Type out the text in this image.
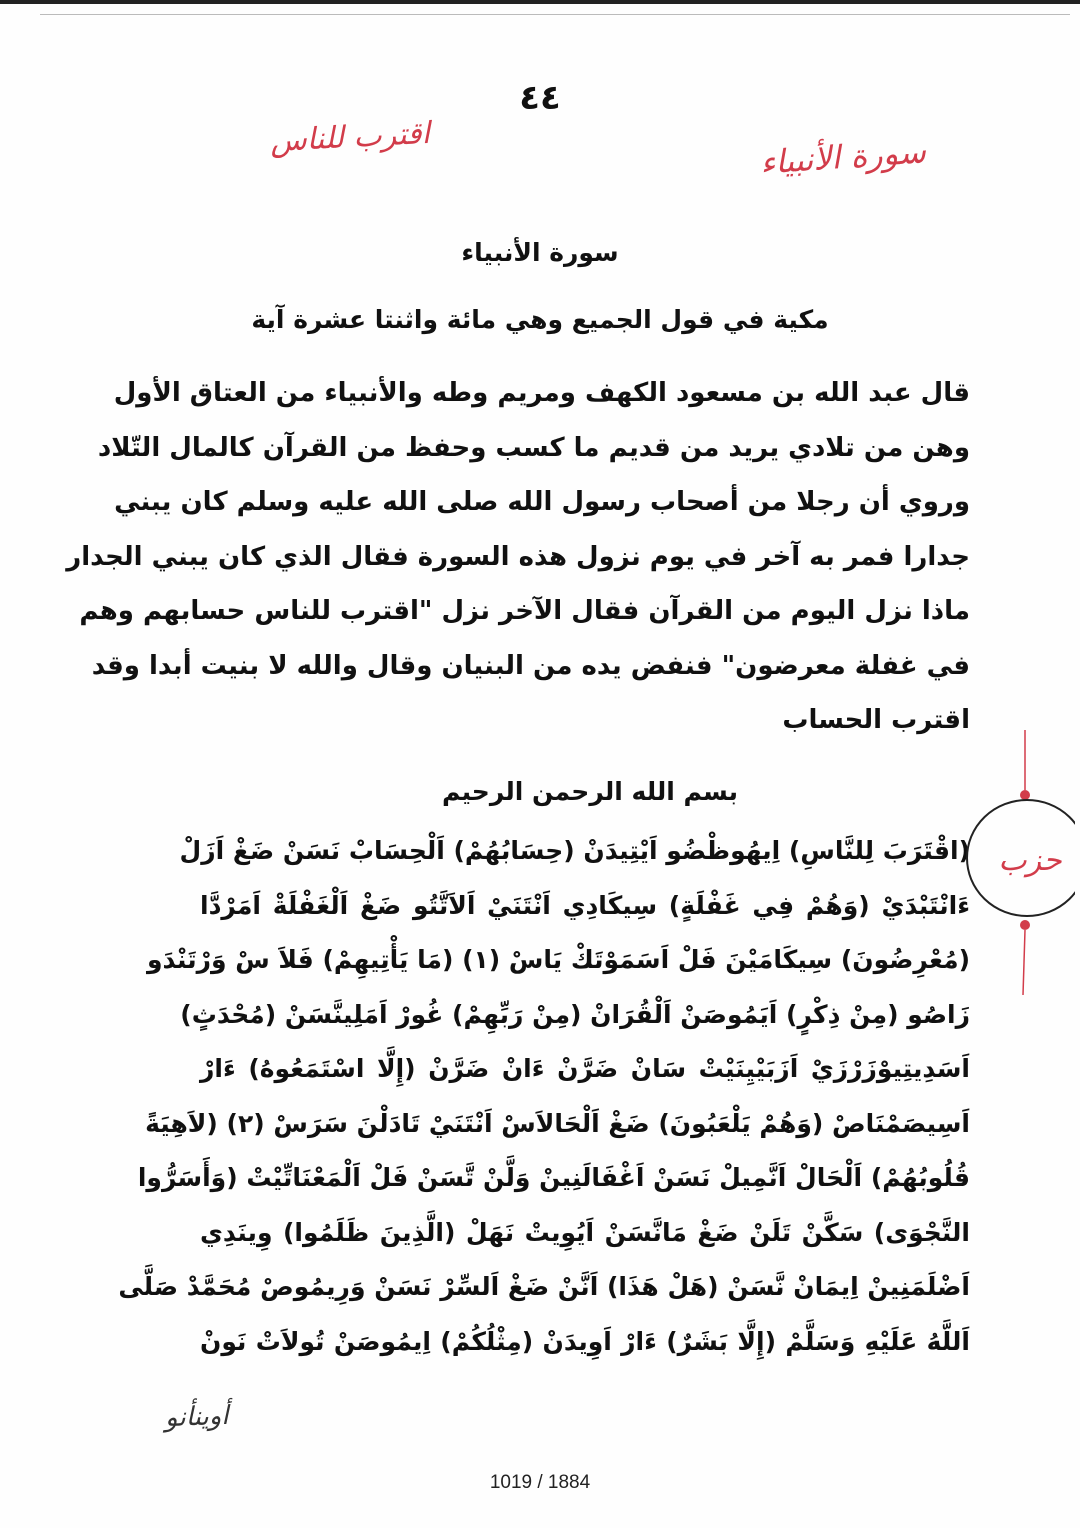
٤٤
اقترب للناس	سورة الأنبياء
سورة الأنبياء
مكية في قول الجميع وهي مائة واثنتا عشرة آية
قال عبد الله بن مسعود الكهف ومريم وطه والأنبياء من العتاق الأول
وهن من تلادي يريد من قديم ما كسب وحفظ من القرآن كالمال التّلاد
وروي أن رجلا من أصحاب رسول الله صلى الله عليه وسلم كان يبني
جدارا فمر به آخر في يوم نزول هذه السورة فقال الذي كان يبني الجدار
ماذا نزل اليوم من القرآن فقال الآخر نزل "اقترب للناس حسابهم وهم
في غفلة معرضون" فنفض يده من البنيان وقال والله لا بنيت أبدا وقد
اقترب الحساب
بسم الله الرحمن الرحيم
(اقْتَرَبَ لِلنَّاسِ) اِيهُوظْضُو اَيْتِيدَنْ (حِسَابُهُمْ) اَلْحِسَابْ نَسَنْ ضَغْ اَزَلْ
ءَانْتَبْدَيْ (وَهُمْ فِي غَفْلَةٍ) سِيكَادِي اَنْتَنَيْ اَلاَتَّتُو ضَغْ اَلْغَفْلَةْ اَمَرْدَّا
(مُعْرِضُونَ) سِيكَامَيْنَ فَلْ اَسَمَوْتَكْ يَاسْ (١) (مَا يَأْتِيهِمْ) فَلاَ سْ وَرْتَنْدَو
زَاصُو (مِنْ ذِكْرٍ) اَيَمُوصَنْ اَلْقُرَانْ (مِنْ رَبِّهِمْ) غُورْ اَمَلِينَّسَنْ (مُحْدَثٍ)
اَسَدِيتِيوْزَرْزَيْ اَزَبَيْيِنَيْتْ سَانْ ضَرَّنْ ءَانْ ضَرَّنْ (إِلَّا اسْتَمَعُوهُ) ءَارْ
اَسِيصَمْنَاصْ (وَهُمْ يَلْعَبُونَ) ضَغْ اَلْحَالاَسْ اَنْتَنَيْ تَادَلْنَ سَرَسْ (٢) (لاَهِيَةً
قُلُوبُهُمْ) اَلْحَالْ اَنَّمِيلْ نَسَنْ اَغْفَالَنِينْ وَلَّنْ تَّسَنْ فَلْ اَلْمَعْنَاتِّيْتْ (وَأَسَرُّوا
النَّجْوَى) سَكَّنْ تَلَنْ ضَغْ مَانَّسَنْ اَيُوِيتْ نَهَلْ (الَّذِينَ ظَلَمُوا) وِينَدِي
اَضْلَمَنِينْ اِيمَانْ نَّسَنْ (هَلْ هَذَا) اَنَّنْ ضَغْ اَلسِّرْ نَسَنْ وَرِيمُوصْ مُحَمَّدْ صَلَّى
اَللَّهُ عَلَيْهِ وَسَلَّمْ (إِلَّا بَشَرٌ) ءَارْ اَوِيدَنْ (مِثْلُكُمْ) اِيمُوصَنْ تُولاَتْ نَونْ
حزب
أوينأنو
1019 / 1884
